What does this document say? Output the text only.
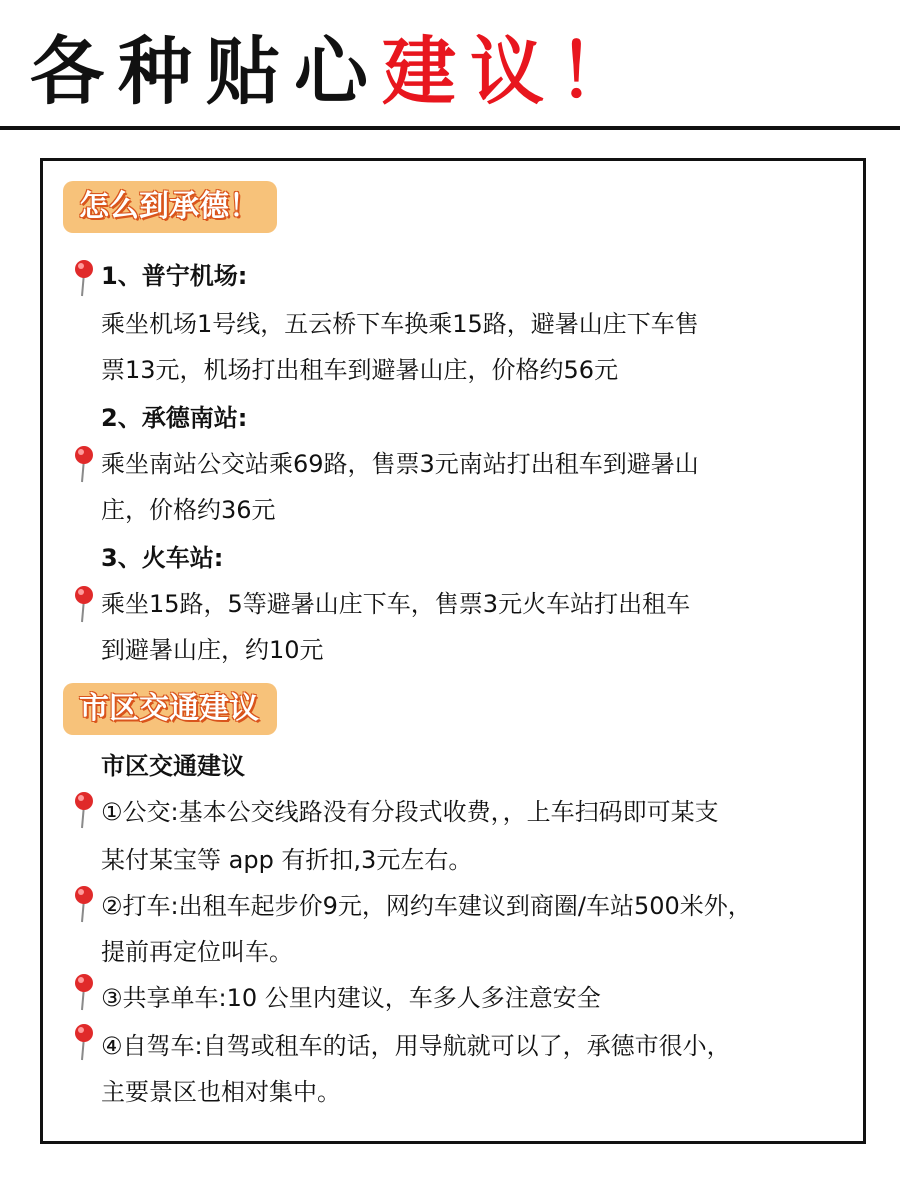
各种贴心建议！
怎么到承德！
1、普宁机场:
乘坐机场1号线，五云桥下车换乘15路，避暑山庄下车售
票13元，机场打出租车到避暑山庄，价格约56元
2、承德南站:
乘坐南站公交站乘69路，售票3元南站打出租车到避暑山
庄，价格约36元
3、火车站:
乘坐15路，5等避暑山庄下车，售票3元火车站打出租车
到避暑山庄，约10元
市区交通建议
市区交通建议
①公交:基本公交线路没有分段式收费，，上车扫码即可某支
某付某宝等 app 有折扣,3元左右。
②打车:出租车起步价9元，网约车建议到商圈/车站500米外，
提前再定位叫车。
③共享单车:10 公里内建议，车多人多注意安全
④自驾车:自驾或租车的话，用导航就可以了，承德市很小，
主要景区也相对集中。
